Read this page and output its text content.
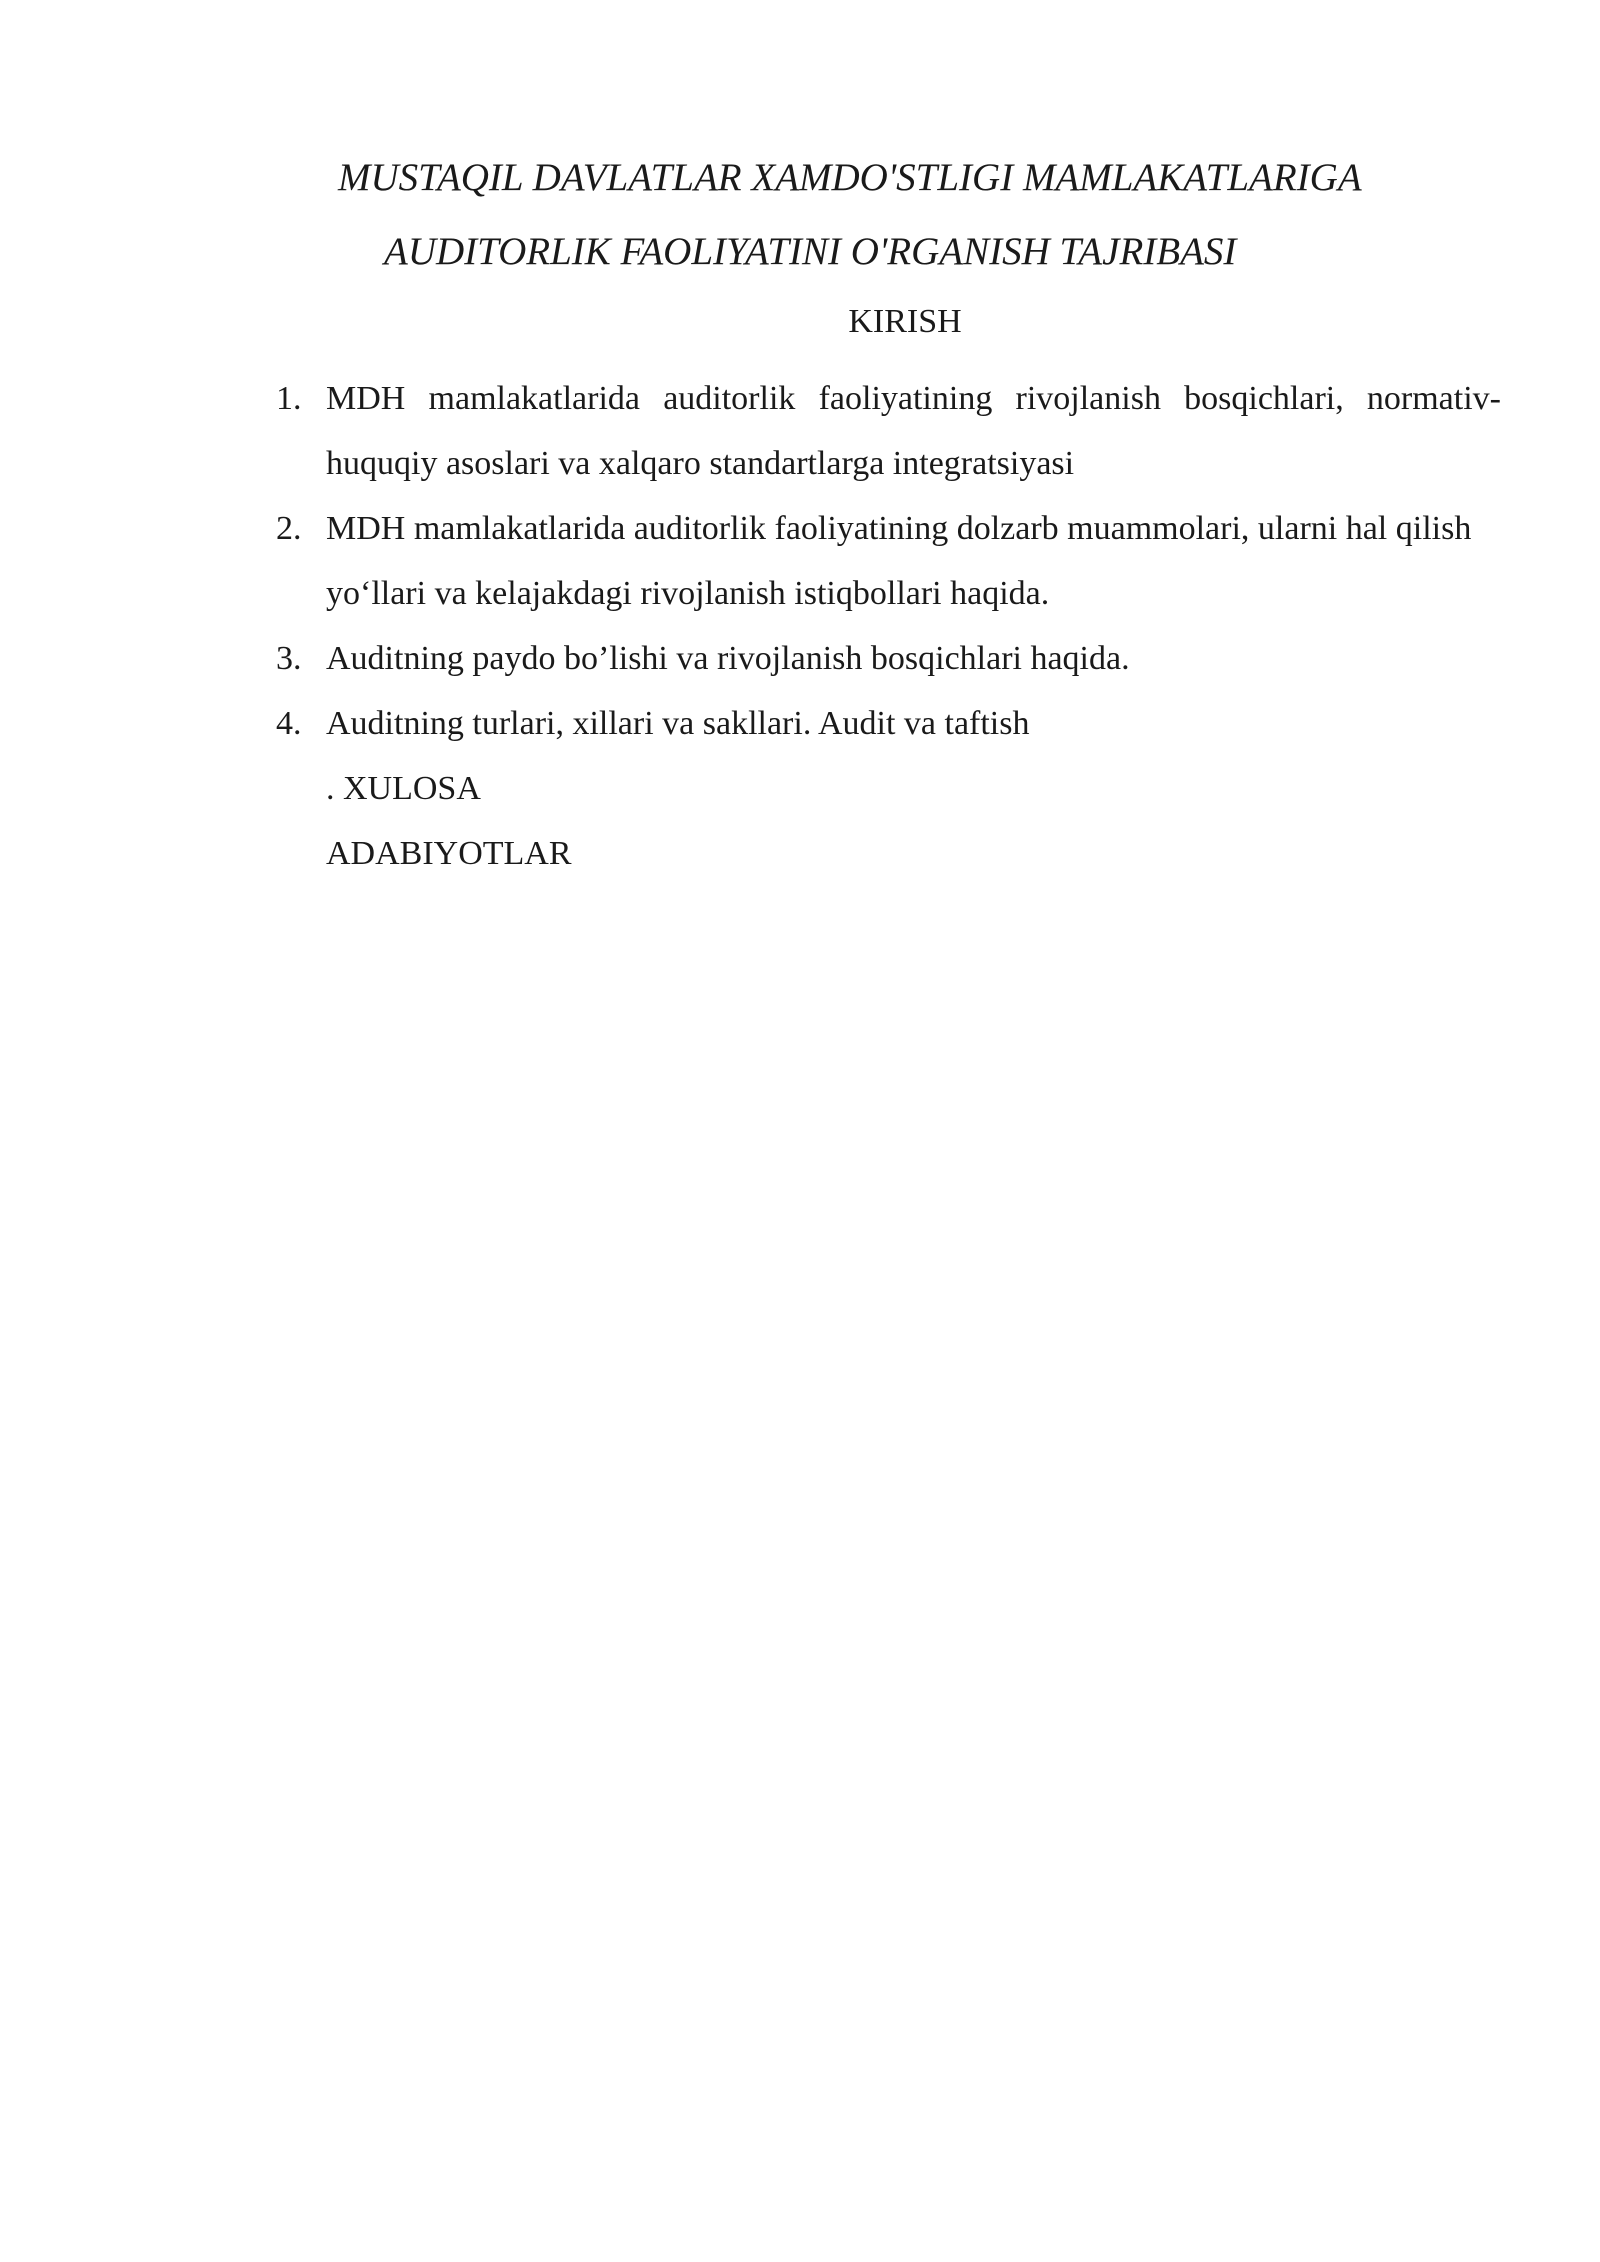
MUSTAQIL DAVLATLAR XAMDO'STLIGI MAMLAKATLARIGA
AUDITORLIK FAOLIYATINI O'RGANISH TAJRIBASI
KIRISH
1. MDH mamlakatlarida auditorlik faoliyatining rivojlanish bosqichlari, normativ-huquqiy asoslari va xalqaro standartlarga integratsiyasi
2. MDH mamlakatlarida auditorlik faoliyatining dolzarb muammolari, ularni hal qilish yo‘llari va kelajakdagi rivojlanish istiqbollari haqida.
3. Auditning paydo bo’lishi va rivojlanish bosqichlari haqida.
4. Auditning turlari, xillari va sakllari. Audit va taftish
. XULOSA
ADABIYOTLAR
